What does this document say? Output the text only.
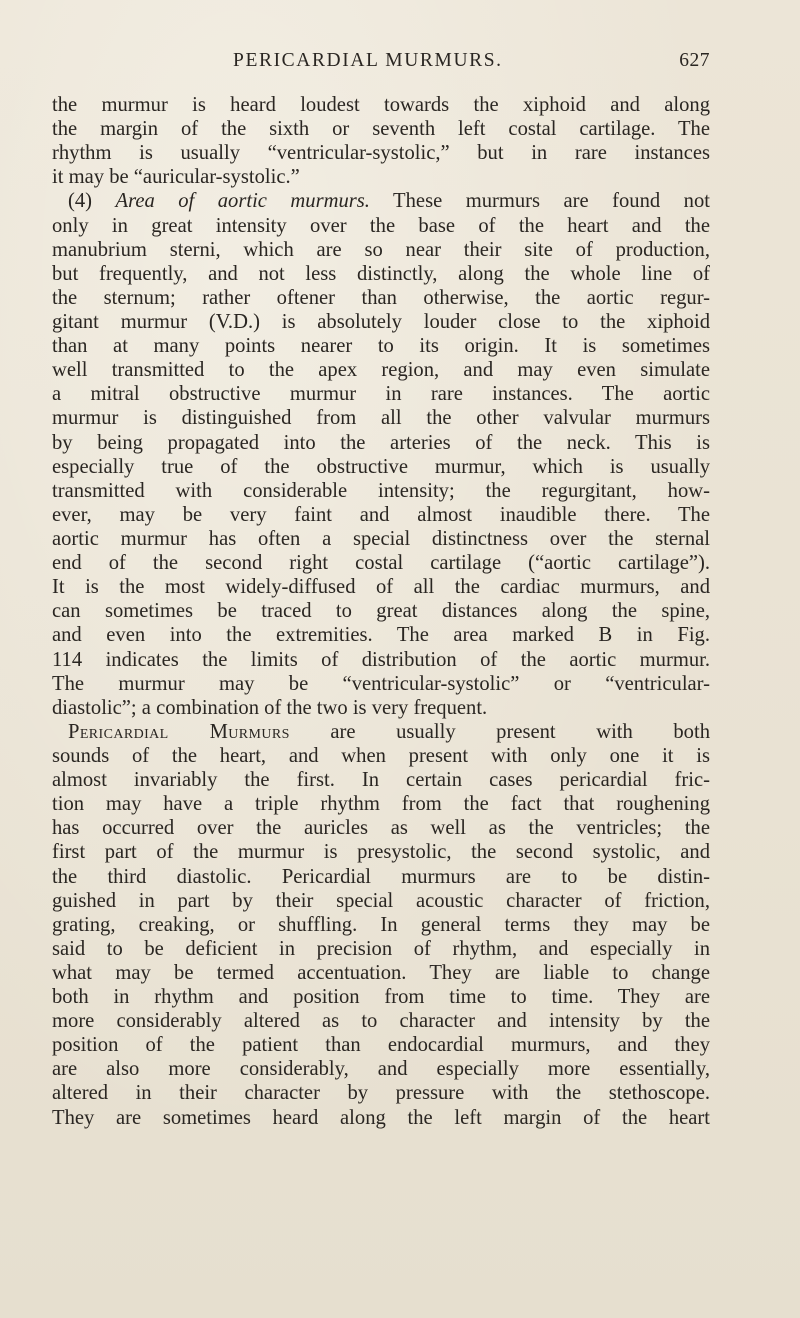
PERICARDIAL MURMURS.	627
the murmur is heard loudest towards the xiphoid and along
the margin of the sixth or seventh left costal cartilage. The
rhythm is usually “ventricular-systolic,” but in rare instances
it may be “auricular-systolic.”
(4) Area of aortic murmurs. These murmurs are found not
only in great intensity over the base of the heart and the
manubrium sterni, which are so near their site of production,
but frequently, and not less distinctly, along the whole line of
the sternum; rather oftener than otherwise, the aortic regur-
gitant murmur (V.D.) is absolutely louder close to the xiphoid
than at many points nearer to its origin. It is sometimes
well transmitted to the apex region, and may even simulate
a mitral obstructive murmur in rare instances. The aortic
murmur is distinguished from all the other valvular murmurs
by being propagated into the arteries of the neck. This is
especially true of the obstructive murmur, which is usually
transmitted with considerable intensity; the regurgitant, how-
ever, may be very faint and almost inaudible there. The
aortic murmur has often a special distinctness over the sternal
end of the second right costal cartilage (“aortic cartilage”).
It is the most widely-diffused of all the cardiac murmurs, and
can sometimes be traced to great distances along the spine,
and even into the extremities. The area marked B in Fig.
114 indicates the limits of distribution of the aortic murmur.
The murmur may be “ventricular-systolic” or “ventricular-
diastolic”; a combination of the two is very frequent.
Pericardial Murmurs are usually present with both
sounds of the heart, and when present with only one it is
almost invariably the first. In certain cases pericardial fric-
tion may have a triple rhythm from the fact that roughening
has occurred over the auricles as well as the ventricles; the
first part of the murmur is presystolic, the second systolic, and
the third diastolic. Pericardial murmurs are to be distin-
guished in part by their special acoustic character of friction,
grating, creaking, or shuffling. In general terms they may be
said to be deficient in precision of rhythm, and especially in
what may be termed accentuation. They are liable to change
both in rhythm and position from time to time. They are
more considerably altered as to character and intensity by the
position of the patient than endocardial murmurs, and they
are also more considerably, and especially more essentially,
altered in their character by pressure with the stethoscope.
They are sometimes heard along the left margin of the heart
